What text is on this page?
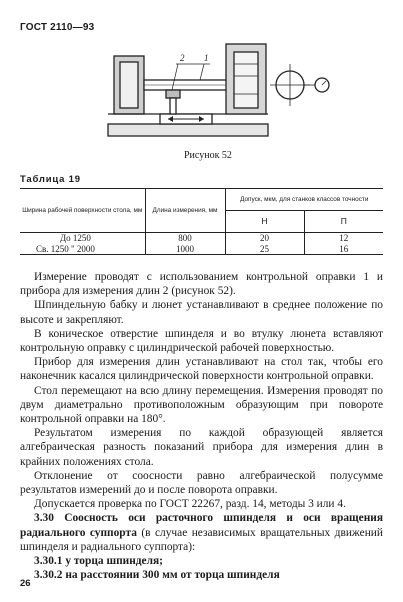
ГОСТ 2110—93
2 1
Рисунок 52
Таблица 19
Ширина рабочей поверхности стола, мм	Длина измерения, мм	Допуск, мкм, для станков классов точности	
		Н	П
До 1250	800	20	12
Св. 1250 " 2000	1000	25	16

Измерение проводят с использованием контрольной оправки 1 и прибора для измерения длин 2 (рисунок 52).

Шпиндельную бабку и люнет устанавливают в среднее положение по высоте и закрепляют.

В коническое отверстие шпинделя и во втулку люнета вставляют контрольную оправку с цилиндрической рабочей поверхностью.

Прибор для измерения длин устанавливают на стол так, чтобы его наконечник касался цилиндрической поверхности контрольной оправки.

Стол перемещают на всю длину перемещения. Измерения проводят по двум диаметрально противоположным образующим при повороте контрольной оправки на 180°.

Результатом измерения по каждой образующей является алгебраическая разность показаний прибора для измерения длин в крайних положениях стола.

Отклонение от соосности равно алгебраической полусумме результатов измерений до и после поворота оправки.

Допускается проверка по ГОСТ 22267, разд. 14, методы 3 или 4.

3.30 Соосность оси расточного шпинделя и оси вращения радиального суппорта (в случае независимых вращательных движений шпинделя и радиального суппорта):

3.30.1 у торца шпинделя;

3.30.2 на расстоянии 300 мм от торца шпинделя

26
